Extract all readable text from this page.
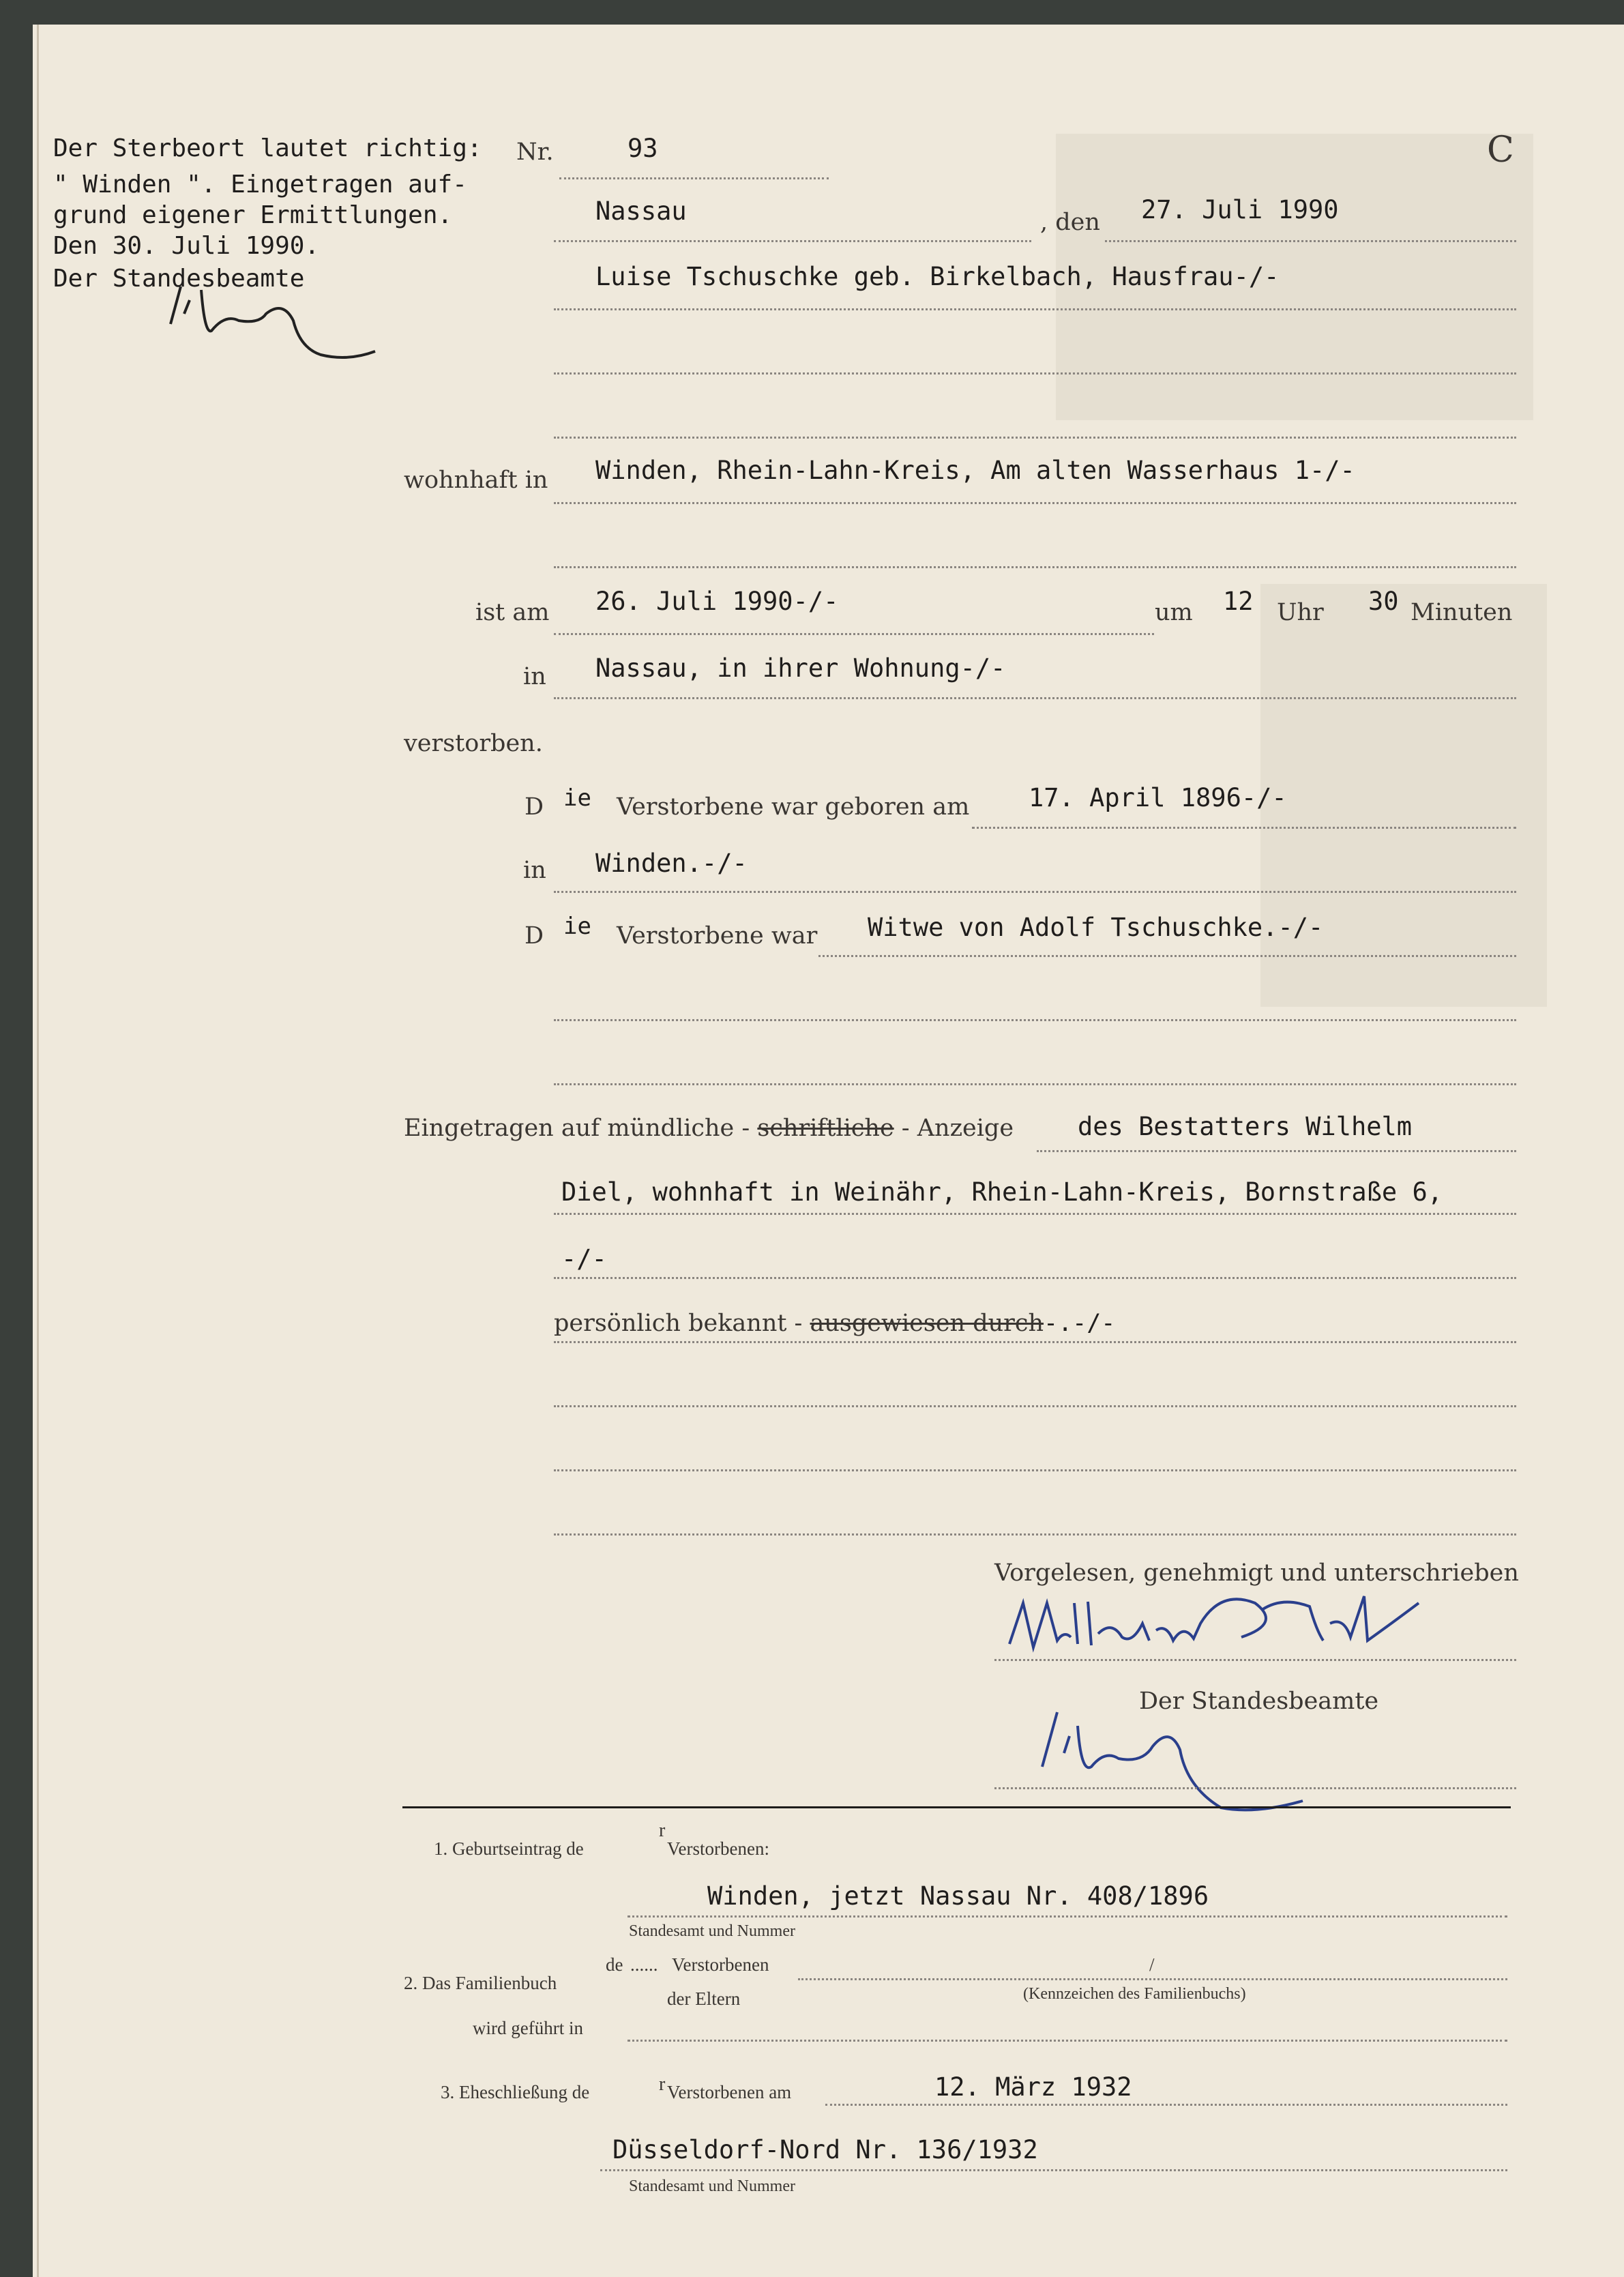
Der Sterbeort lautet richtig:
" Winden ". Eingetragen auf-
grund eigener Ermittlungen.
Den 30. Juli 1990.
Der Standesbeamte
Nr.	93	C
Nassau	, den 27. Juli 1990
Luise Tschuschke geb. Birkelbach, Hausfrau-/-
wohnhaft in Winden, Rhein-Lahn-Kreis, Am alten Wasserhaus 1-/-
ist am 26. Juli 1990-/-	um 12 Uhr 30 Minuten
in Nassau, in ihrer Wohnung-/-
verstorben.
D ie Verstorbene war geboren am 17. April 1896-/-
in Winden.-/-
D ie Verstorbene war Witwe von Adolf Tschuschke.-/-
Eingetragen auf mündliche - schriftliche - Anzeige	des Bestatters Wilhelm
Diel, wohnhaft in Weinähr, Rhein-Lahn-Kreis, Bornstraße 6,
-/-
persönlich bekannt - ausgewiesen durch-.-/-
Vorgelesen, genehmigt und unterschrieben
Der Standesbeamte
1. Geburtseintrag de
r
Verstorbenen:
Winden, jetzt Nassau Nr. 408/1896
Standesamt und Nummer
2. Das Familienbuch
de ...... Verstorbenen	/
der Eltern	(Kennzeichen des Familienbuchs)
wird geführt in
3. Eheschließung de	r Verstorbenen am	12. März 1932
Düsseldorf-Nord Nr. 136/1932
Standesamt und Nummer
